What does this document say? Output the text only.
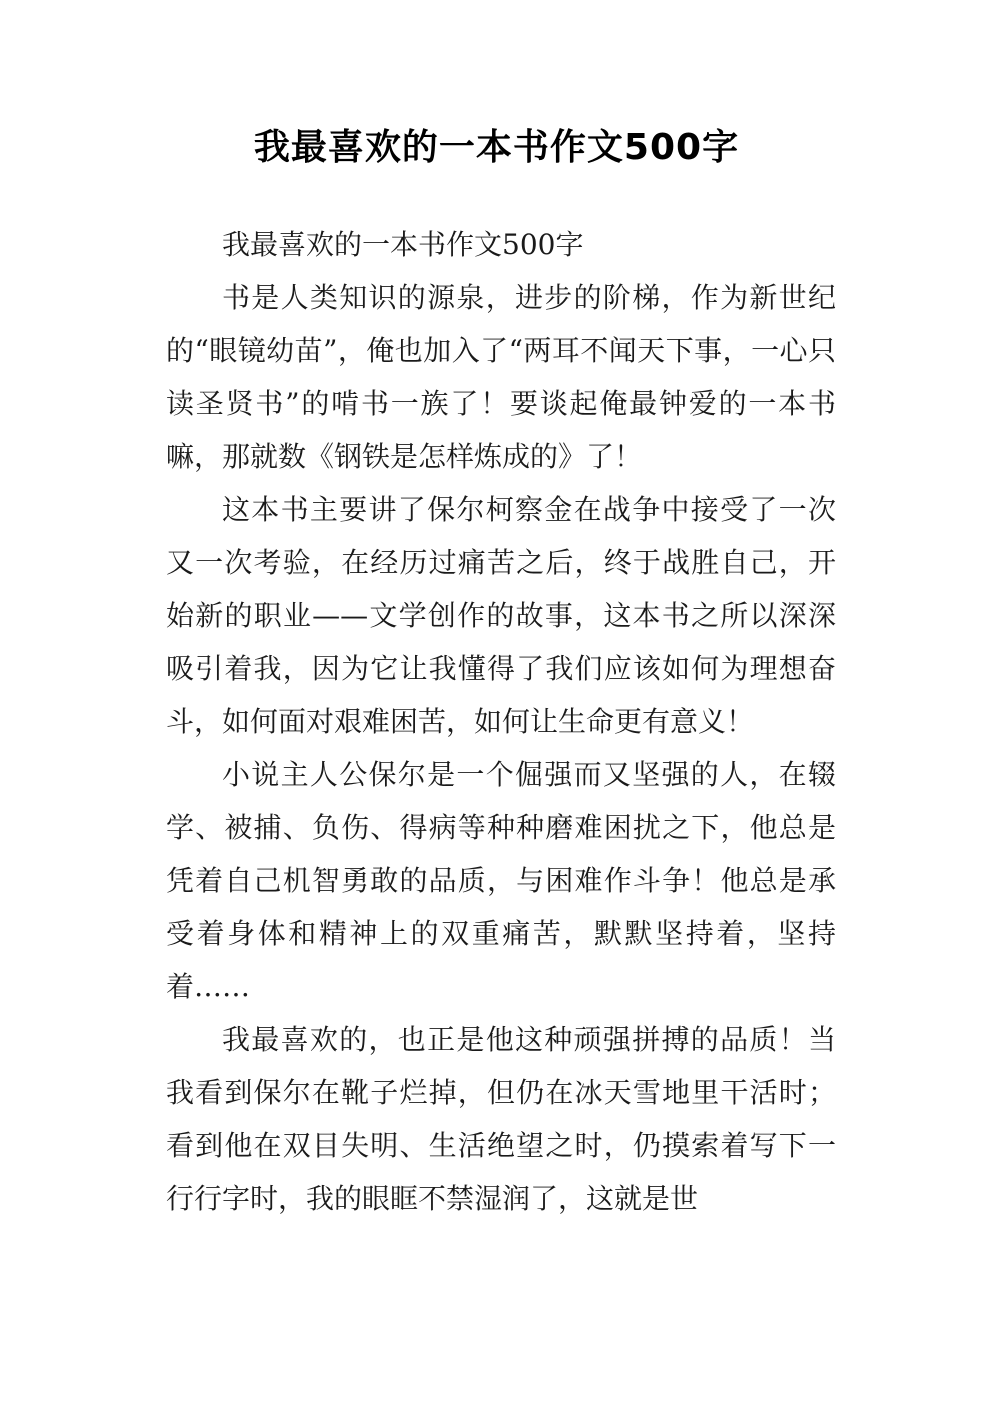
我最喜欢的一本书作文500字

我最喜欢的一本书作文500字

书是人类知识的源泉，进步的阶梯，作为新世纪的“眼镜幼苗”，俺也加入了“两耳不闻天下事，一心只读圣贤书”的啃书一族了！要谈起俺最钟爱的一本书嘛，那就数《钢铁是怎样炼成的》了！

这本书主要讲了保尔柯察金在战争中接受了一次又一次考验，在经历过痛苦之后，终于战胜自己，开始新的职业——文学创作的故事，这本书之所以深深吸引着我，因为它让我懂得了我们应该如何为理想奋斗，如何面对艰难困苦，如何让生命更有意义！

小说主人公保尔是一个倔强而又坚强的人，在辍学、被捕、负伤、得病等种种磨难困扰之下，他总是凭着自己机智勇敢的品质，与困难作斗争！他总是承受着身体和精神上的双重痛苦，默默坚持着，坚持着……

我最喜欢的，也正是他这种顽强拼搏的品质！当我看到保尔在靴子烂掉，但仍在冰天雪地里干活时；看到他在双目失明、生活绝望之时，仍摸索着写下一行行字时，我的眼眶不禁湿润了，这就是世
